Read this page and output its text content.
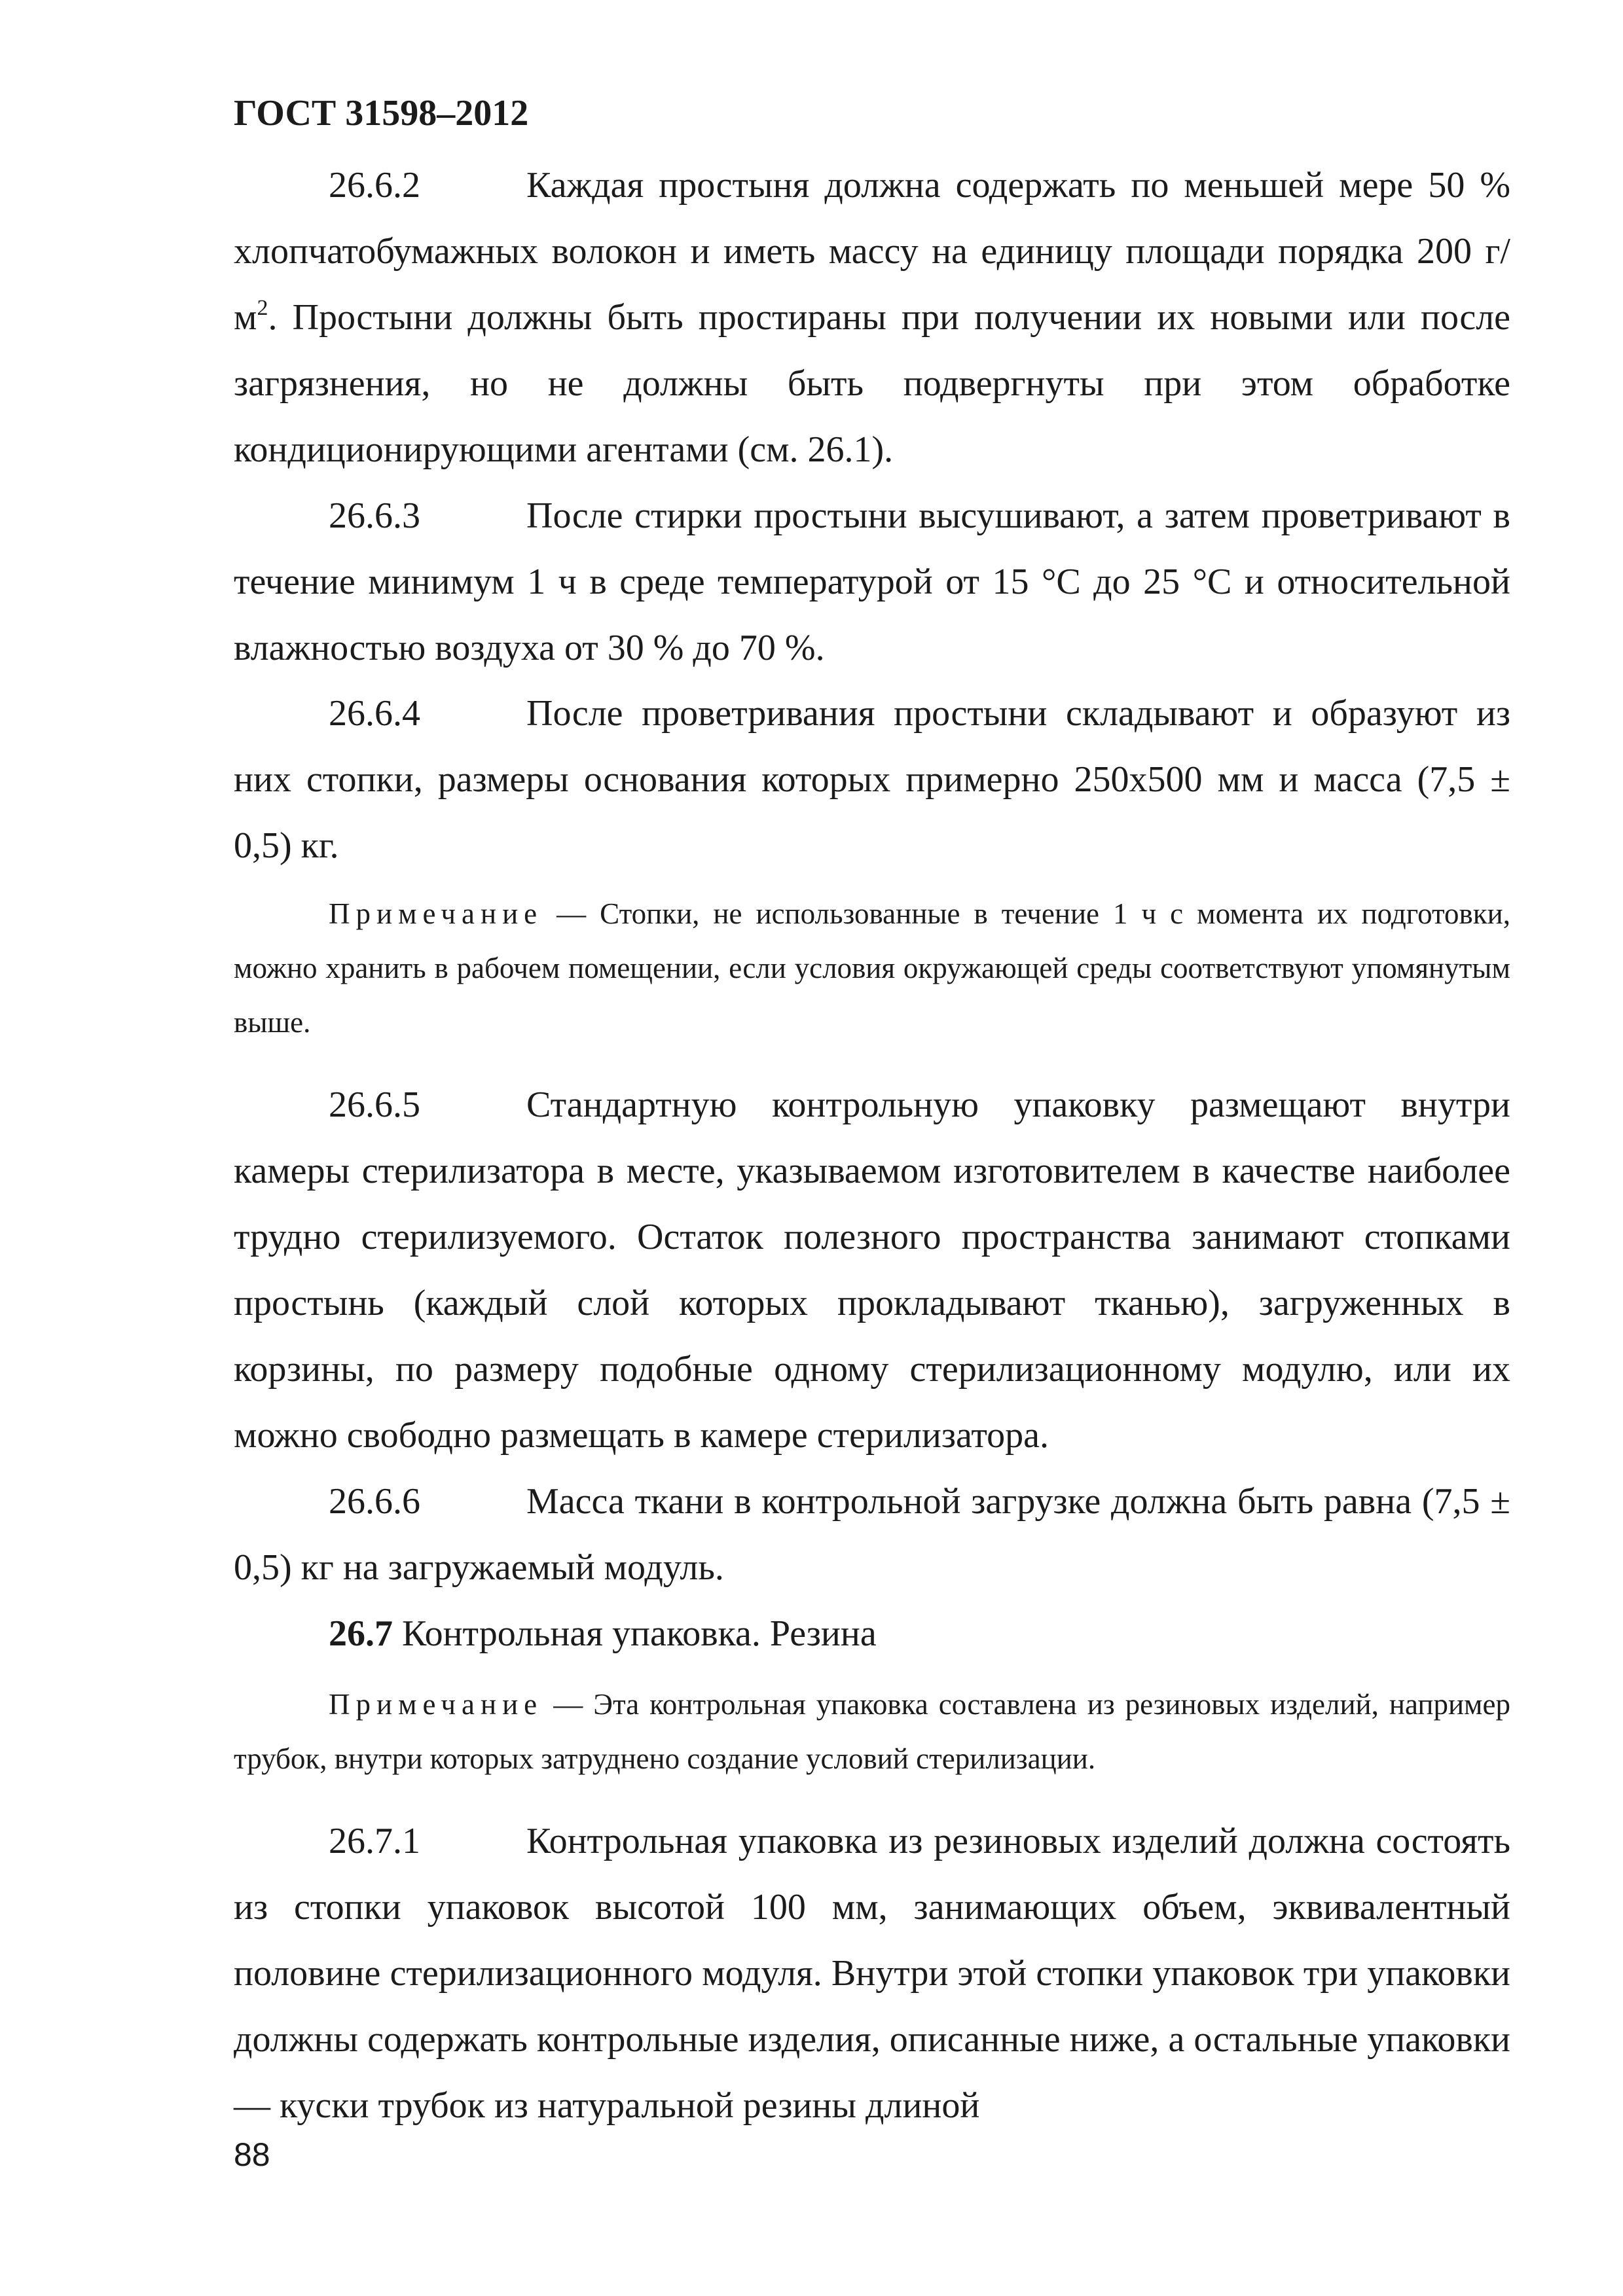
ГОСТ 31598–2012
26.6.2	Каждая простыня должна содержать по меньшей мере 50 % хлопчатобумажных волокон и иметь массу на единицу площади порядка 200 $г/м^2$. Простыни должны быть простираны при получении их новыми или после загрязнения, но не должны быть подвергнуты при этом обработке кондиционирующими агентами (см. 26.1).
26.6.3	После стирки простыни высушивают, а затем проветривают в течение минимум 1 ч в среде температурой от 15 °С до 25 °С и относительной влажностью воздуха от 30 % до 70 %.
26.6.4	После проветривания простыни складывают и образуют из них стопки, размеры основания которых примерно 250х500 мм и масса (7,5 ± 0,5) кг.
Примечание — Стопки, не использованные в течение 1 ч с момента их подготовки, можно хранить в рабочем помещении, если условия окружающей среды соответствуют упомянутым выше.
26.6.5	Стандартную контрольную упаковку размещают внутри камеры стерилизатора в месте, указываемом изготовителем в качестве наиболее трудно стерилизуемого. Остаток полезного пространства занимают стопками простынь (каждый слой которых прокладывают тканью), загруженных в корзины, по размеру подобные одному стерилизационному модулю, или их можно свободно размещать в камере стерилизатора.
26.6.6	Масса ткани в контрольной загрузке должна быть равна (7,5 ± 0,5) кг на загружаемый модуль.
26.7 Контрольная упаковка. Резина
Примечание — Эта контрольная упаковка составлена из резиновых изделий, например трубок, внутри которых затруднено создание условий стерилизации.
26.7.1	Контрольная упаковка из резиновых изделий должна состоять из стопки упаковок высотой 100 мм, занимающих объем, эквивалентный половине стерилизационного модуля. Внутри этой стопки упаковок три упаковки должны содержать контрольные изделия, описанные ниже, а остальные упаковки — куски трубок из натуральной резины длиной
88
